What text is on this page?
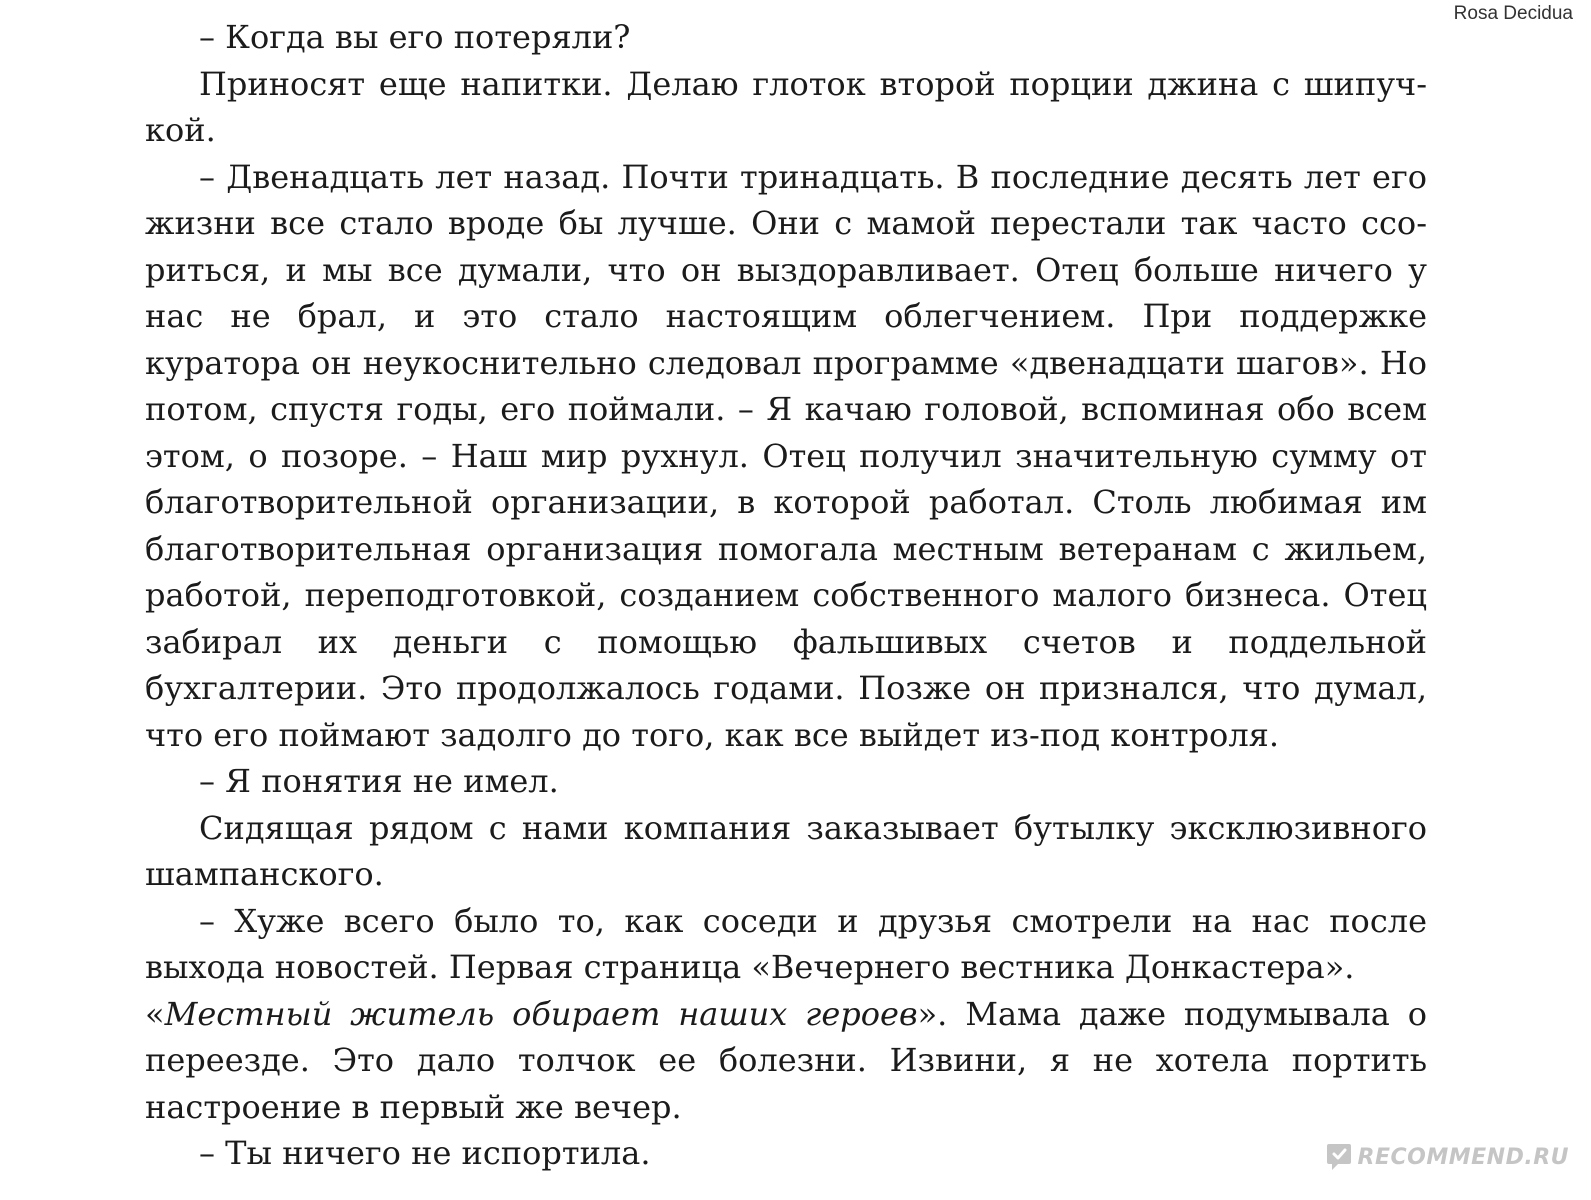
Rosa Decidua

– Когда вы его потеряли?

Приносят еще напитки. Делаю глоток второй порции джина с шипучкой.

– Двенадцать лет назад. Почти тринадцать. В последние десять лет его жизни все стало вроде бы лучше. Они с мамой перестали так часто ссориться, и мы все думали, что он выздоравливает. Отец больше ничего у нас не брал, и это стало настоящим облегчением. При поддержке куратора он неукоснительно следовал программе «двенадцати шагов». Но потом, спустя годы, его поймали. – Я качаю головой, вспоминая обо всем этом, о позоре. – Наш мир рухнул. Отец получил значительную сумму от благотворительной организации, в которой работал. Столь любимая им благотворительная организация помогала местным ветеранам с жильем, работой, переподготовкой, созданием собственного малого бизнеса. Отец забирал их деньги с помощью фальшивых счетов и поддельной бухгалтерии. Это продолжалось годами. Позже он признался, что думал, что его поймают задолго до того, как все выйдет из-под контроля.

– Я понятия не имел.

Сидящая рядом с нами компания заказывает бутылку эксклюзивного шампанского.

– Хуже всего было то, как соседи и друзья смотрели на нас после выхода новостей. Первая страница «Вечернего вестника Донкастера».
«Местный житель обирает наших героев». Мама даже подумывала о переезде. Это дало толчок ее болезни. Извини, я не хотела портить настроение в первый же вечер.

– Ты ничего не испортила.	RECOMMEND.RU
